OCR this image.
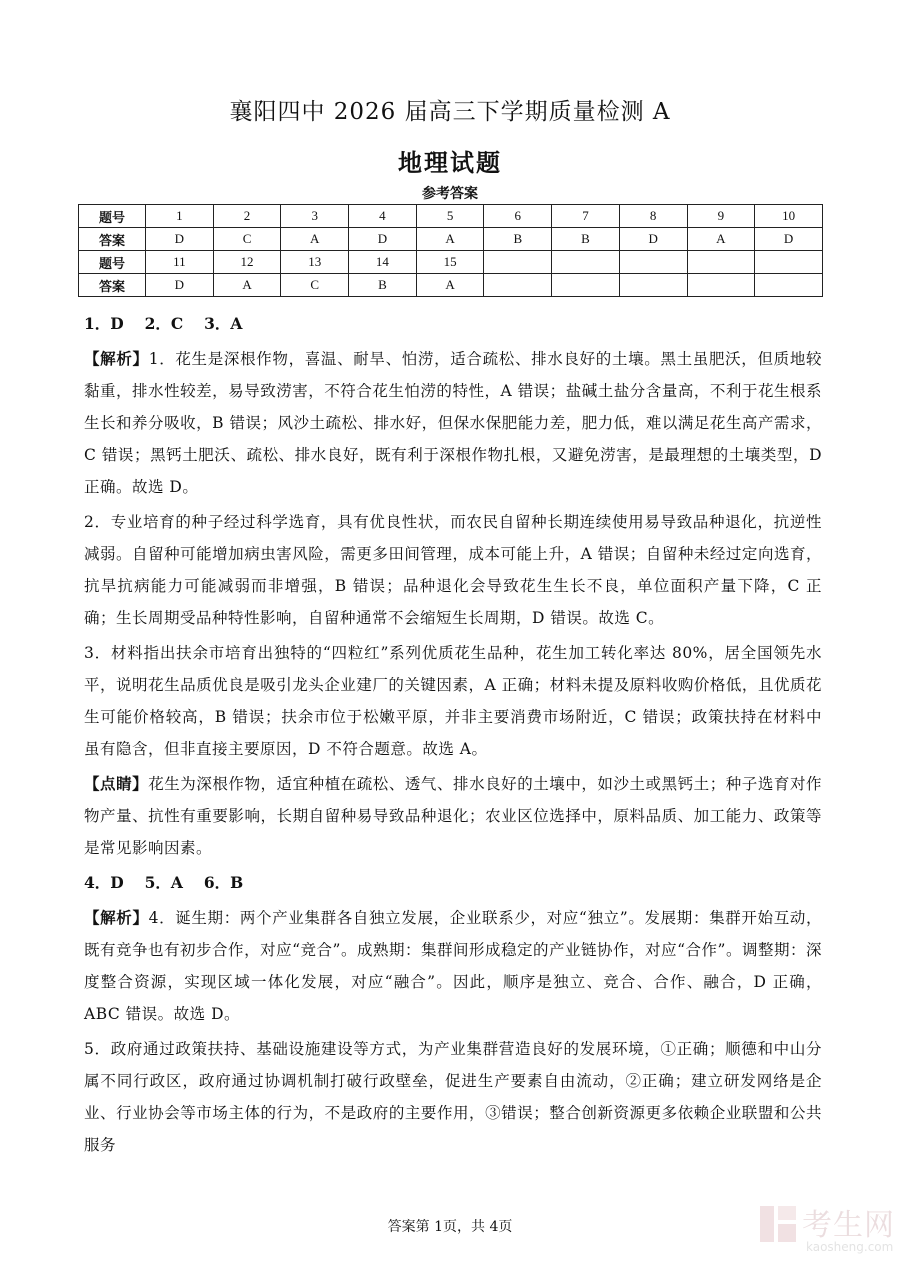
襄阳四中 2026 届高三下学期质量检测 A
地理试题
参考答案
题号	1	2	3	4	5	6	7	8	9	10
答案	D	C	A	D	A	B	B	D	A	D
题号	11	12	13	14	15					
答案	D	A	C	B	A					

1．D　 2．C　 3．A

【解析】1．花生是深根作物，喜温、耐旱、怕涝，适合疏松、排水良好的土壤。黑土虽肥沃，但质地较黏重，排水性较差，易导致涝害，不符合花生怕涝的特性，A 错误；盐碱土盐分含量高，不利于花生根系生长和养分吸收，B 错误；风沙土疏松、排水好，但保水保肥能力差，肥力低，难以满足花生高产需求，C 错误；黑钙土肥沃、疏松、排水良好，既有利于深根作物扎根，又避免涝害，是最理想的土壤类型，D 正确。故选 D。

2．专业培育的种子经过科学选育，具有优良性状，而农民自留种长期连续使用易导致品种退化，抗逆性减弱。自留种可能增加病虫害风险，需更多田间管理，成本可能上升，A 错误；自留种未经过定向选育，抗旱抗病能力可能减弱而非增强，B 错误；品种退化会导致花生生长不良，单位面积产量下降，C 正确；生长周期受品种特性影响，自留种通常不会缩短生长周期，D 错误。故选 C。

3．材料指出扶余市培育出独特的“四粒红”系列优质花生品种，花生加工转化率达 80%，居全国领先水平，说明花生品质优良是吸引龙头企业建厂的关键因素，A 正确；材料未提及原料收购价格低，且优质花生可能价格较高，B 错误；扶余市位于松嫩平原，并非主要消费市场附近，C 错误；政策扶持在材料中虽有隐含，但非直接主要原因，D 不符合题意。故选 A。

【点睛】花生为深根作物，适宜种植在疏松、透气、排水良好的土壤中，如沙土或黑钙土；种子选育对作物产量、抗性有重要影响，长期自留种易导致品种退化；农业区位选择中，原料品质、加工能力、政策等是常见影响因素。

4．D　 5．A　 6．B

【解析】4．诞生期：两个产业集群各自独立发展，企业联系少，对应“独立”。发展期：集群开始互动，既有竞争也有初步合作，对应“竞合”。成熟期：集群间形成稳定的产业链协作，对应“合作”。调整期：深度整合资源，实现区域一体化发展，对应“融合”。因此，顺序是独立、竞合、合作、融合，D 正确，ABC 错误。故选 D。

5．政府通过政策扶持、基础设施建设等方式，为产业集群营造良好的发展环境，①正确；顺德和中山分属不同行政区，政府通过协调机制打破行政壁垒，促进生产要素自由流动，②正确；建立研发网络是企业、行业协会等市场主体的行为，不是政府的主要作用，③错误；整合创新资源更多依赖企业联盟和公共服务

答案第 1页，共 4页	考生网
kaosheng.com
